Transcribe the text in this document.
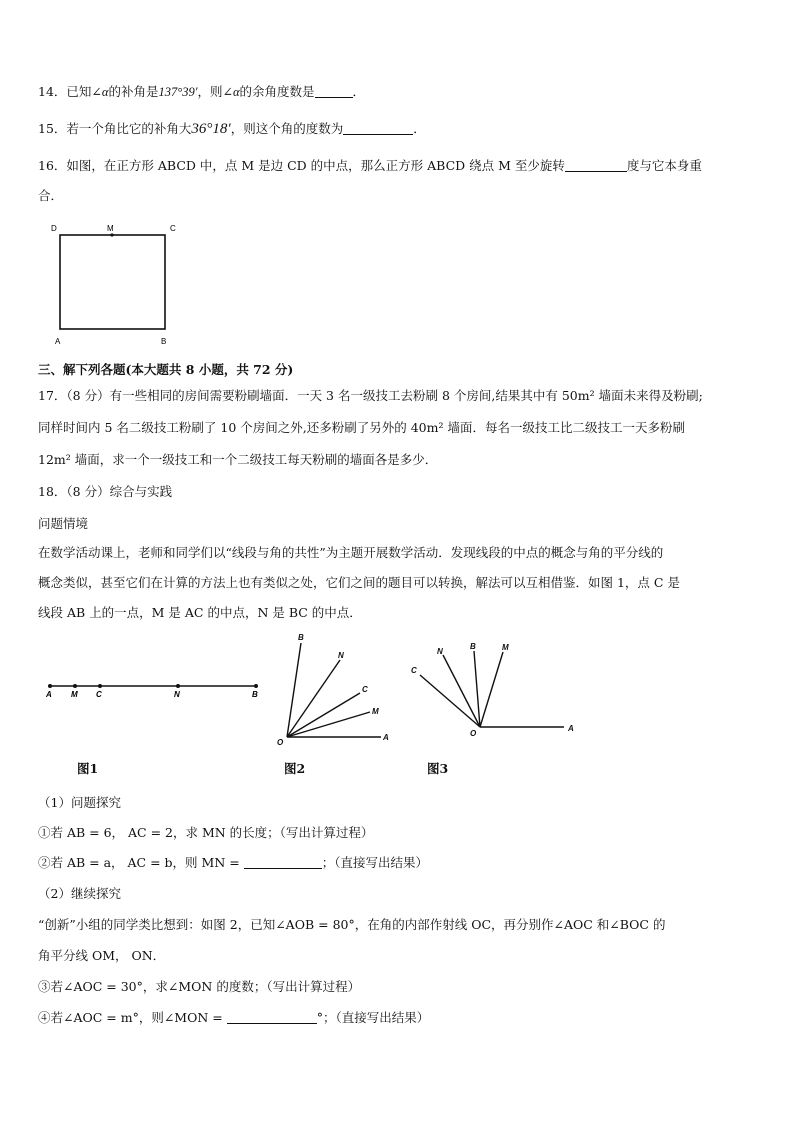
14．已知∠α的补角是137°39′，则∠α的余角度数是	．
15．若一个角比它的补角大36°18′，则这个角的度数为	．
16．如图，在正方形 ABCD 中，点 M 是边 CD 的中点，那么正方形 ABCD 绕点 M 至少旋转	度与它本身重
合．
D	M	C
A	B
三、解下列各题(本大题共 8 小题，共 72 分)
17．（8 分）有一些相同的房间需要粉刷墙面．一天 3 名一级技工去粉刷 8 个房间,结果其中有 50m² 墙面未来得及粉刷;
同样时间内 5 名二级技工粉刷了 10 个房间之外,还多粉刷了另外的 40m² 墙面．每名一级技工比二级技工一天多粉刷
12m² 墙面，求一个一级技工和一个二级技工每天粉刷的墙面各是多少．
18．（8 分）综合与实践
问题情境
在数学活动课上，老师和同学们以“线段与角的共性”为主题开展数学活动．发现线段的中点的概念与角的平分线的
概念类似，甚至它们在计算的方法上也有类似之处，它们之间的题目可以转换，解法可以互相借鉴．如图 1，点 C 是
线段 AB 上的一点，M 是 AC 的中点，N 是 BC 的中点．
A M C	N	B
B
N
C
M
O
A
N
B	M
C
O
A
图1	图2	图3
（1）问题探究
①若 AB = 6， AC = 2，求 MN 的长度；（写出计算过程）
②若 AB = a， AC = b，则 MN =	；（直接写出结果）
（2）继续探究
“创新”小组的同学类比想到：如图 2，已知∠AOB = 80°，在角的内部作射线 OC，再分别作∠AOC 和∠BOC 的
角平分线 OM， ON．
③若∠AOC = 30°，求∠MON 的度数；（写出计算过程）
④若∠AOC = m°，则∠MON =	°；（直接写出结果）
